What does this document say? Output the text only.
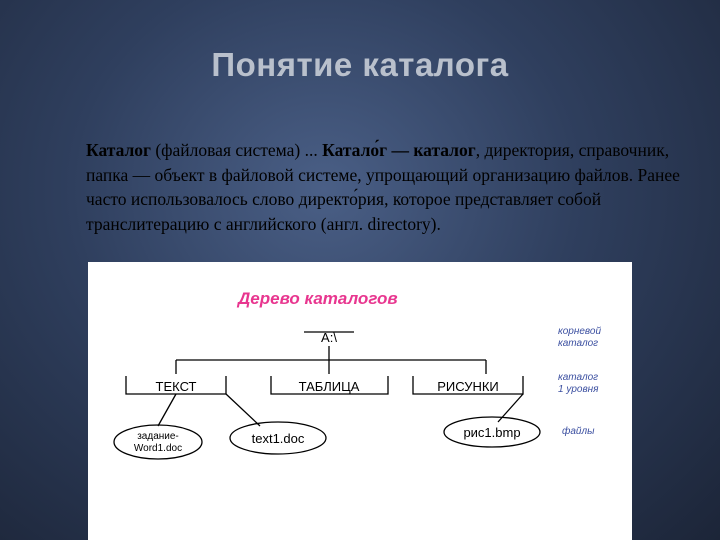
Понятие каталога
Каталог (файловая система) ... Катало́г — каталог, директория, справочник, папка — объект в файловой системе, упрощающий организацию файлов. Ранее часто использовалось слово директо́рия, которое представляет собой транслитерацию с английского (англ. directory).
Дерево каталогов
А:\
ТЕКСТ	ТАБЛИЦА	РИСУНКИ
задание-
Word1.doc
text1.doc	рис1.bmp
корневой
каталог
каталог
1 уровня
файлы
